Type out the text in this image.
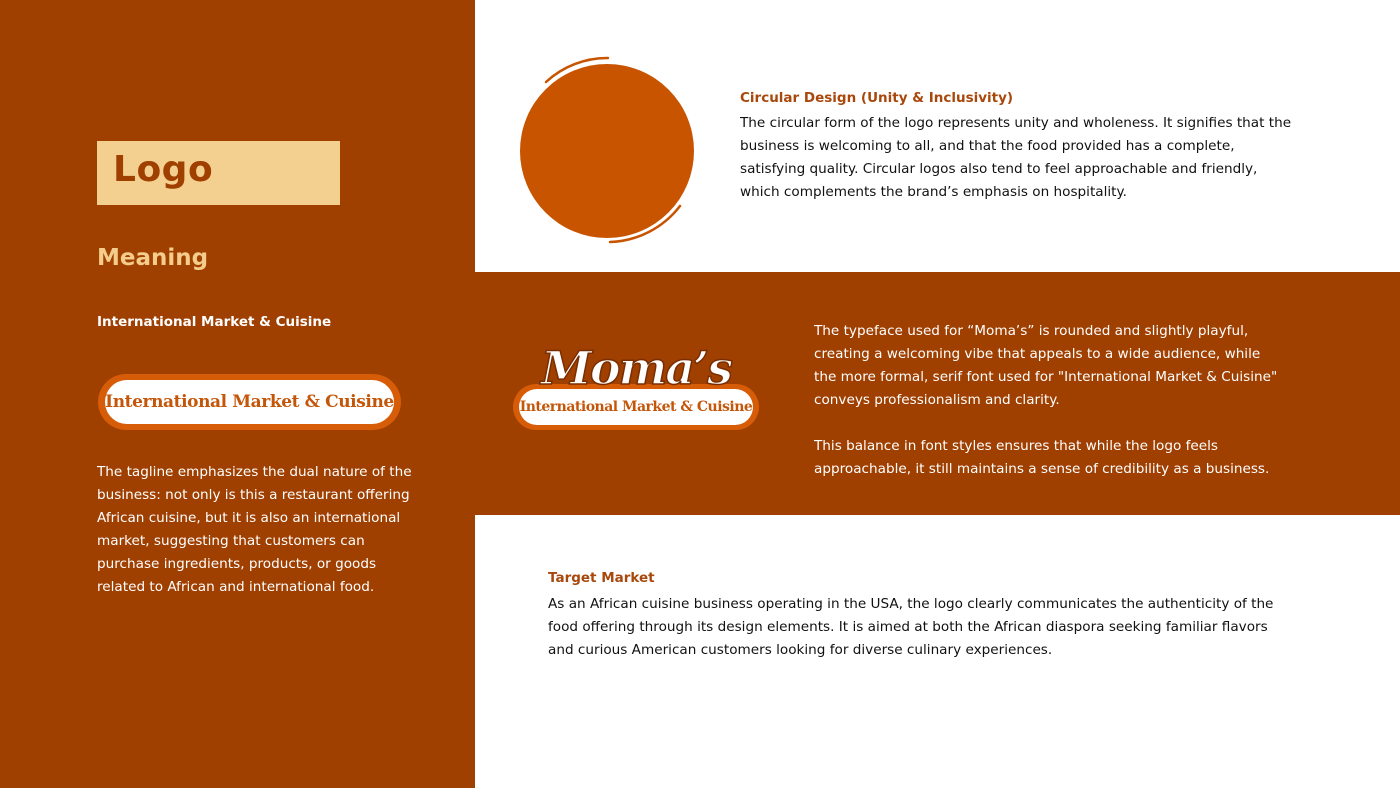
Logo
Meaning
International Market & Cuisine
International Market & Cuisine
The tagline emphasizes the dual nature of the business: not only is this a restaurant offering African cuisine, but it is also an international market, suggesting that customers can purchase ingredients, products, or goods related to African and international food.
Circular Design (Unity & Inclusivity)
The circular form of the logo represents unity and wholeness. It signifies that the business is welcoming to all, and that the food provided has a complete, satisfying quality. Circular logos also tend to feel approachable and friendly, which complements the brand’s emphasis on hospitality.
International Market & Cuisine
Moma’s

The typeface used for “Moma’s” is rounded and slightly playful, creating a welcoming vibe that appeals to a wide audience, while the more formal, serif font used for "International Market & Cuisine" conveys professionalism and clarity.

This balance in font styles ensures that while the logo feels approachable, it still maintains a sense of credibility as a business.

Target Market
As an African cuisine business operating in the USA, the logo clearly communicates the authenticity of the food offering through its design elements. It is aimed at both the African diaspora seeking familiar flavors and curious American customers looking for diverse culinary experiences.
